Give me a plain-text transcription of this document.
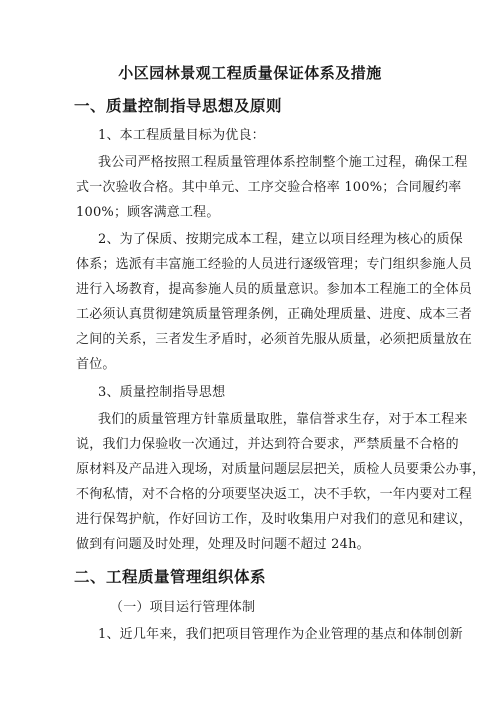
小区园林景观工程质量保证体系及措施
一、质量控制指导思想及原则
1、本工程质量目标为优良：
我公司严格按照工程质量管理体系控制整个施工过程，确保工程
式一次验收合格。其中单元、工序交验合格率 100%；合同履约率
100%；顾客满意工程。
2、为了保质、按期完成本工程，建立以项目经理为核心的质保
体系；选派有丰富施工经验的人员进行逐级管理；专门组织参施人员
进行入场教育，提高参施人员的质量意识。参加本工程施工的全体员
工必须认真贯彻建筑质量管理条例，正确处理质量、进度、成本三者
之间的关系，三者发生矛盾时，必须首先服从质量，必须把质量放在
首位。
3、质量控制指导思想
我们的质量管理方针靠质量取胜，靠信誉求生存，对于本工程来
说，我们力保验收一次通过，并达到符合要求，严禁质量不合格的
原材料及产品进入现场，对质量问题层层把关，质检人员要秉公办事，
不徇私情，对不合格的分项要坚决返工，决不手软，一年内要对工程
进行保驾护航，作好回访工作，及时收集用户对我们的意见和建议，
做到有问题及时处理，处理及时问题不超过 24h。
二、工程质量管理组织体系
（一）项目运行管理体制
1、近几年来，我们把项目管理作为企业管理的基点和体制创新
